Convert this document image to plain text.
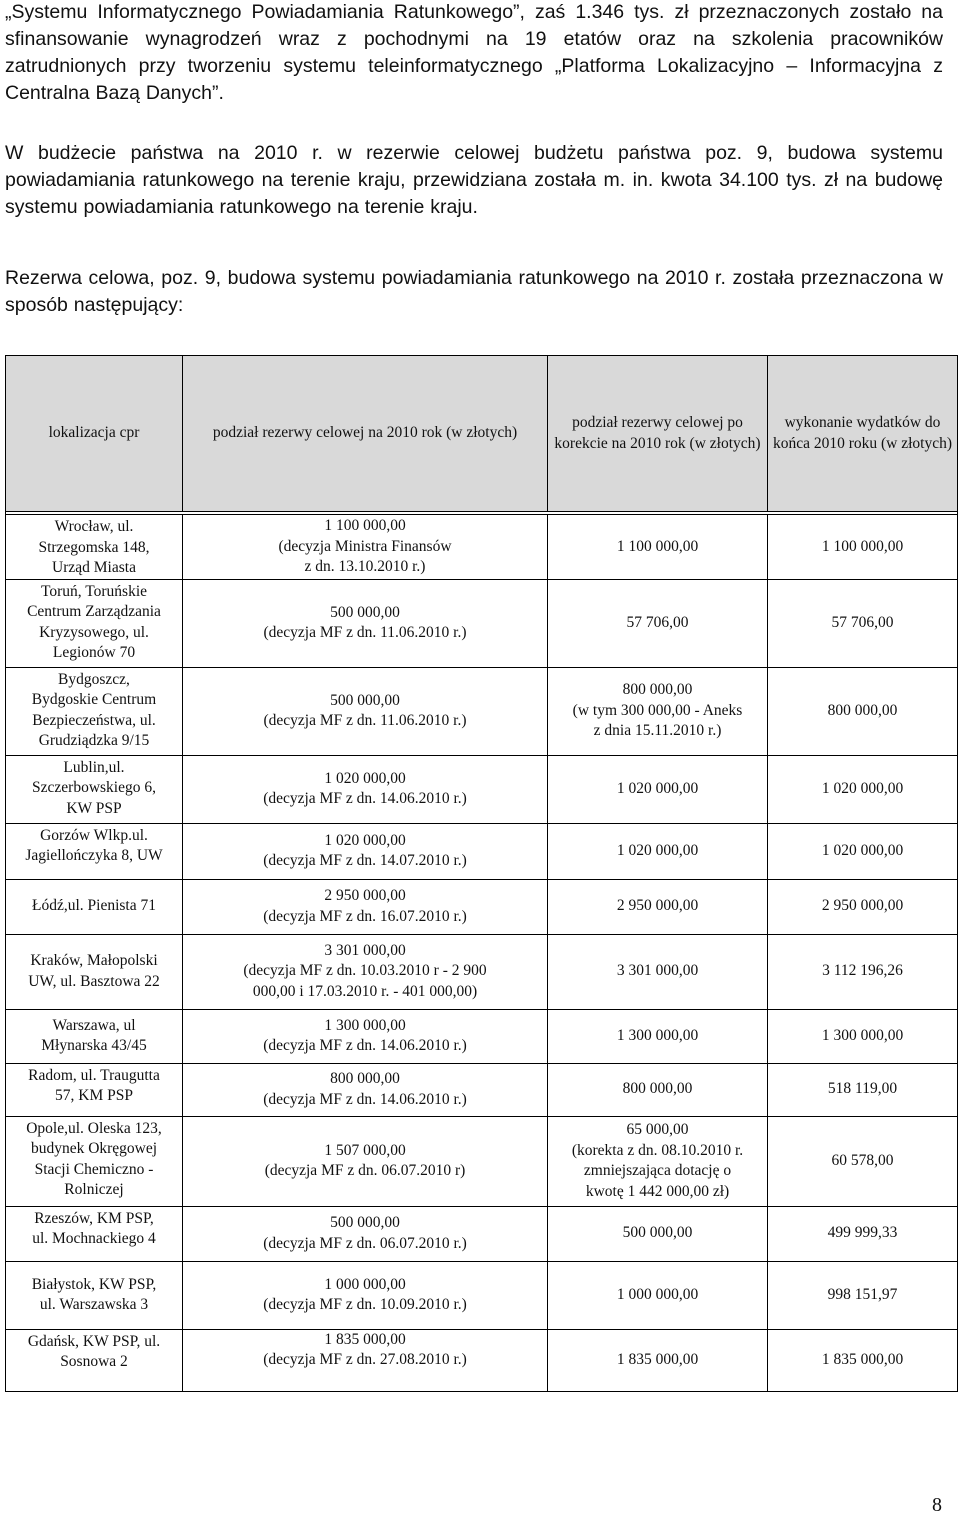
„Systemu Informatycznego Powiadamiania Ratunkowego”, zaś 1.346 tys. zł przeznaczonych zostało na sfinansowanie wynagrodzeń wraz z pochodnymi na 19 etatów oraz na szkolenia pracowników zatrudnionych przy tworzeniu systemu teleinformatycznego „Platforma Lokalizacyjno – Informacyjna z Centralna Bazą Danych”.

W budżecie państwa na 2010 r. w rezerwie celowej budżetu państwa poz. 9, budowa systemu powiadamiania ratunkowego na terenie kraju, przewidziana została m. in. kwota 34.100 tys. zł na budowę systemu powiadamiania ratunkowego na terenie kraju.

Rezerwa celowa, poz. 9, budowa systemu powiadamiania ratunkowego na 2010 r. została przeznaczona w sposób następujący:

lokalizacja cpr	podział rezerwy celowej na 2010 rok (w złotych)	podział rezerwy celowej po korekcie na 2010 rok (w złotych)	wykonanie wydatków do końca 2010 roku (w złotych)

Wrocław, ul.
Strzegomska 148,
Urząd Miasta	1 100 000,00
(decyzja Ministra Finansów
z dn. 13.10.2010 r.)	1 100 000,00	1 100 000,00

Toruń, Toruńskie
Centrum Zarządzania
Kryzysowego, ul.
Legionów 70	500 000,00
(decyzja MF z dn. 11.06.2010 r.)	57 706,00	57 706,00

Bydgoszcz,
Bydgoskie Centrum
Bezpieczeństwa, ul.
Grudziądzka 9/15	500 000,00
(decyzja MF z dn. 11.06.2010 r.)	800 000,00
(w tym 300 000,00 - Aneks
z dnia 15.11.2010 r.)	800 000,00

Lublin,ul.
Szczerbowskiego 6,
KW PSP	1 020 000,00
(decyzja MF z dn. 14.06.2010 r.)	1 020 000,00	1 020 000,00

Gorzów Wlkp.ul.
Jagiellończyka 8, UW	1 020 000,00
(decyzja MF z dn. 14.07.2010 r.)	1 020 000,00	1 020 000,00

Łódź,ul. Pienista 71	2 950 000,00
(decyzja MF z dn. 16.07.2010 r.)	2 950 000,00	2 950 000,00

Kraków, Małopolski
UW, ul. Basztowa 22	3 301 000,00
(decyzja MF z dn. 10.03.2010 r - 2 900
000,00 i 17.03.2010 r. - 401 000,00)	3 301 000,00	3 112 196,26

Warszawa, ul
Młynarska 43/45	1 300 000,00
(decyzja MF z dn. 14.06.2010 r.)	1 300 000,00	1 300 000,00

Radom, ul. Traugutta
57, KM PSP	800 000,00
(decyzja MF z dn. 14.06.2010 r.)	800 000,00	518 119,00

Opole,ul. Oleska 123,
budynek Okręgowej
Stacji Chemiczno -
Rolniczej	1 507 000,00
(decyzja MF z dn. 06.07.2010 r)	65 000,00
(korekta z dn. 08.10.2010 r.
zmniejszająca dotację o
kwotę 1 442 000,00 zł)	60 578,00

Rzeszów, KM PSP,
ul. Mochnackiego 4	500 000,00
(decyzja MF z dn. 06.07.2010 r.)	500 000,00	499 999,33

Białystok, KW PSP,
ul. Warszawska 3	1 000 000,00
(decyzja MF z dn. 10.09.2010 r.)	1 000 000,00	998 151,97

Gdańsk, KW PSP, ul.
Sosnowa 2	1 835 000,00
(decyzja MF z dn. 27.08.2010 r.)	1 835 000,00	1 835 000,00
8
